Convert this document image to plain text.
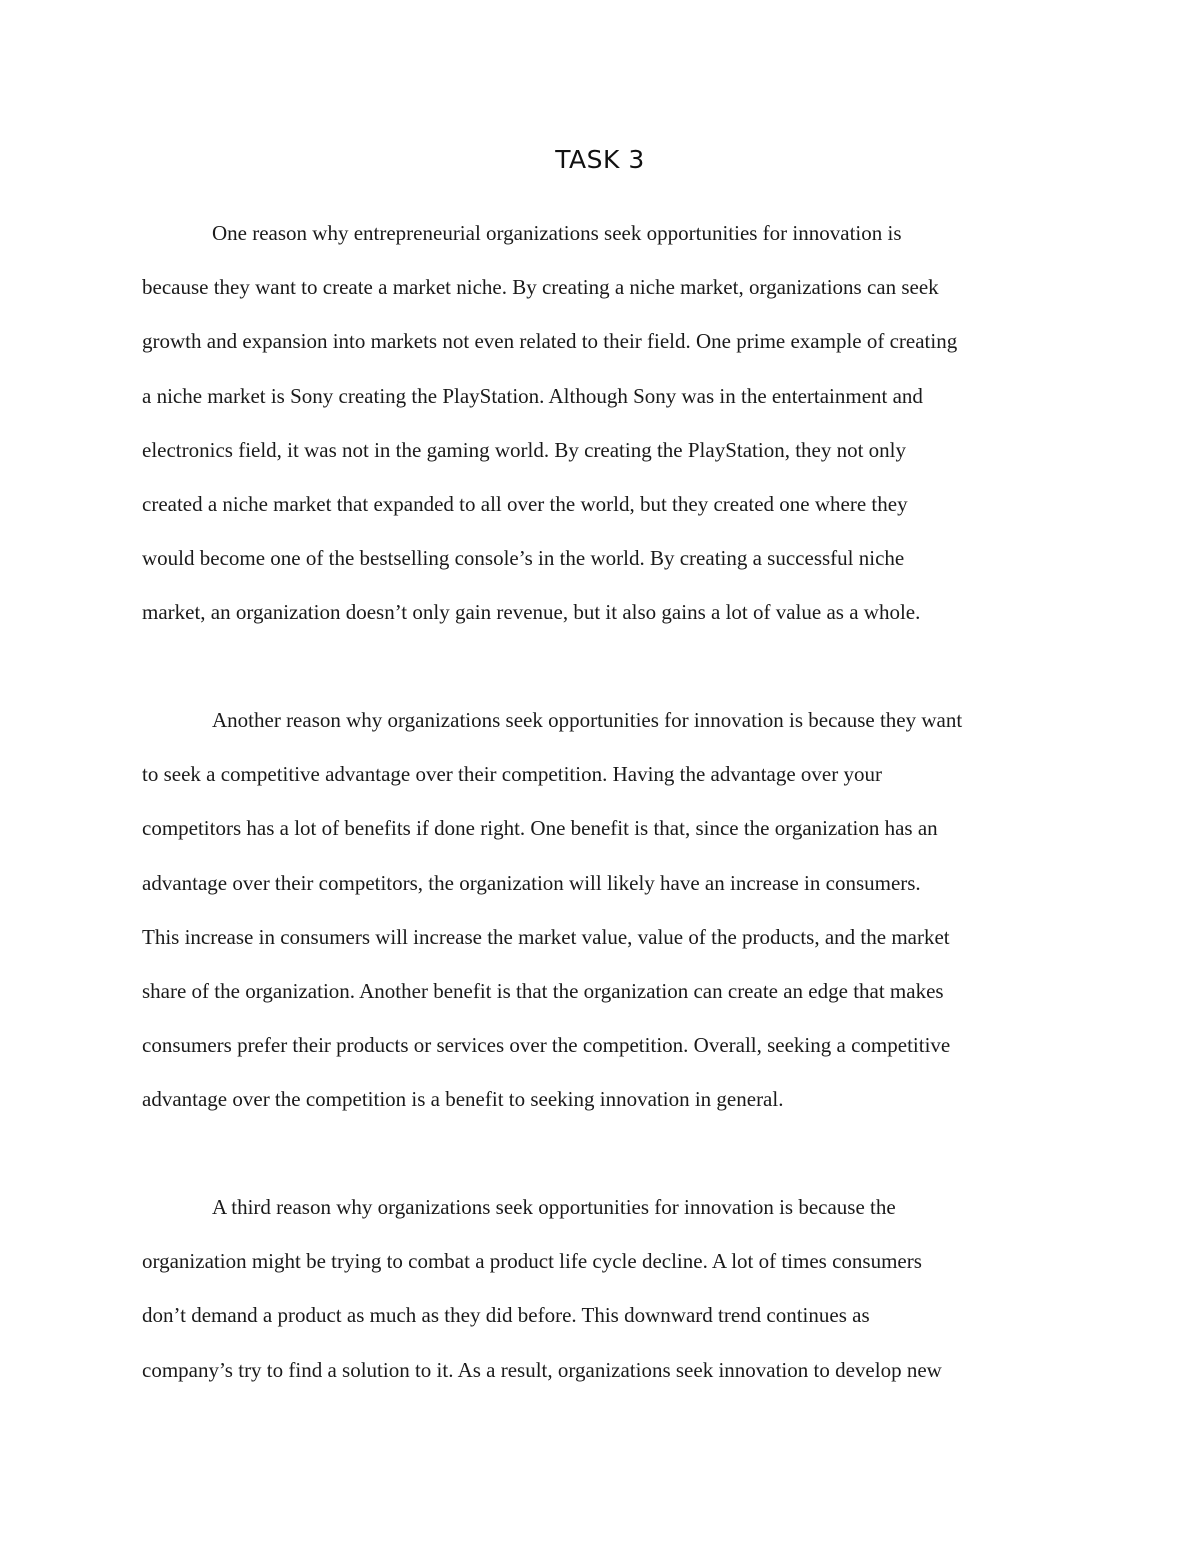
TASK 3
One reason why entrepreneurial organizations seek opportunities for innovation is
because they want to create a market niche. By creating a niche market, organizations can seek
growth and expansion into markets not even related to their field. One prime example of creating
a niche market is Sony creating the PlayStation. Although Sony was in the entertainment and
electronics field, it was not in the gaming world. By creating the PlayStation, they not only
created a niche market that expanded to all over the world, but they created one where they
would become one of the bestselling console’s in the world. By creating a successful niche
market, an organization doesn’t only gain revenue, but it also gains a lot of value as a whole.
Another reason why organizations seek opportunities for innovation is because they want
to seek a competitive advantage over their competition. Having the advantage over your
competitors has a lot of benefits if done right. One benefit is that, since the organization has an
advantage over their competitors, the organization will likely have an increase in consumers.
This increase in consumers will increase the market value, value of the products, and the market
share of the organization. Another benefit is that the organization can create an edge that makes
consumers prefer their products or services over the competition. Overall, seeking a competitive
advantage over the competition is a benefit to seeking innovation in general.
A third reason why organizations seek opportunities for innovation is because the
organization might be trying to combat a product life cycle decline. A lot of times consumers
don’t demand a product as much as they did before. This downward trend continues as
company’s try to find a solution to it. As a result, organizations seek innovation to develop new
